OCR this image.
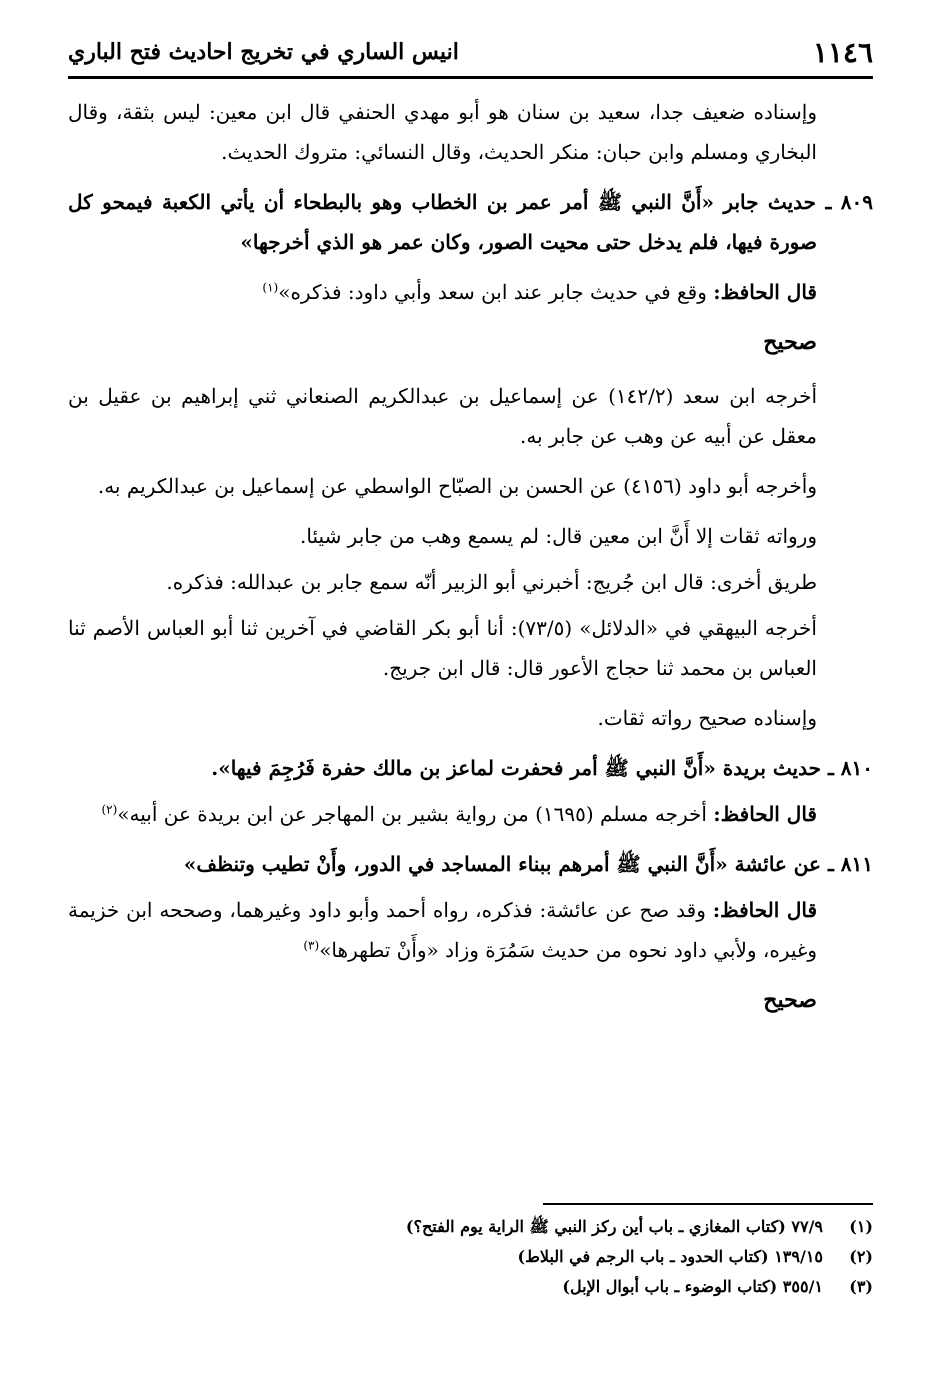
١١٤٦
انيس الساري في تخريج احاديث فتح الباري

وإسناده ضعيف جدا، سعيد بن سنان هو أبو مهدي الحنفي قال ابن معين: ليس بثقة، وقال البخاري ومسلم وابن حبان: منكر الحديث، وقال النسائي: متروك الحديث.

٨٠٩ ـ حديث جابر «أَنَّ النبي ﷺ أمر عمر بن الخطاب وهو بالبطحاء أن يأتي الكعبة فيمحو كل صورة فيها، فلم يدخل حتى محيت الصور، وكان عمر هو الذي أخرجها»

قال الحافظ: وقع في حديث جابر عند ابن سعد وأبي داود: فذكره»$^{(١)}$

صحيح

أخرجه ابن سعد (١٤٢/٢) عن إسماعيل بن عبدالكريم الصنعاني ثني إبراهيم بن عقيل بن معقل عن أبيه عن وهب عن جابر به.

وأخرجه أبو داود (٤١٥٦) عن الحسن بن الصبّاح الواسطي عن إسماعيل بن عبدالكريم به.

ورواته ثقات إلا أَنَّ ابن معين قال: لم يسمع وهب من جابر شيئا.

طريق أخرى: قال ابن جُريج: أخبرني أبو الزبير أنّه سمع جابر بن عبدالله: فذكره.

أخرجه البيهقي في «الدلائل» (٧٣/٥): أنا أبو بكر القاضي في آخرين ثنا أبو العباس الأصم ثنا العباس بن محمد ثنا حجاج الأعور قال: قال ابن جريج.

وإسناده صحيح رواته ثقات.

٨١٠ ـ حديث بريدة «أَنَّ النبي ﷺ أمر فحفرت لماعز بن مالك حفرة فَرُجِمَ فيها».

قال الحافظ: أخرجه مسلم (١٦٩٥) من رواية بشير بن المهاجر عن ابن بريدة عن أبيه»$^{(٢)}$

٨١١ ـ عن عائشة «أَنَّ النبي ﷺ أمرهم ببناء المساجد في الدور، وأَنْ تطيب وتنظف»

قال الحافظ: وقد صح عن عائشة: فذكره، رواه أحمد وأبو داود وغيرهما، وصححه ابن خزيمة وغيره، ولأبي داود نحوه من حديث سَمُرَة وزاد «وأَنْ تطهرها»$^{(٣)}$

صحيح
(١)
٧٧/٩ (كتاب المغازي ـ باب أين ركز النبي ﷺ الراية يوم الفتح؟)
(٢)
١٣٩/١٥ (كتاب الحدود ـ باب الرجم في البلاط)
(٣)
٣٥٥/١ (كتاب الوضوء ـ باب أبوال الإبل)
